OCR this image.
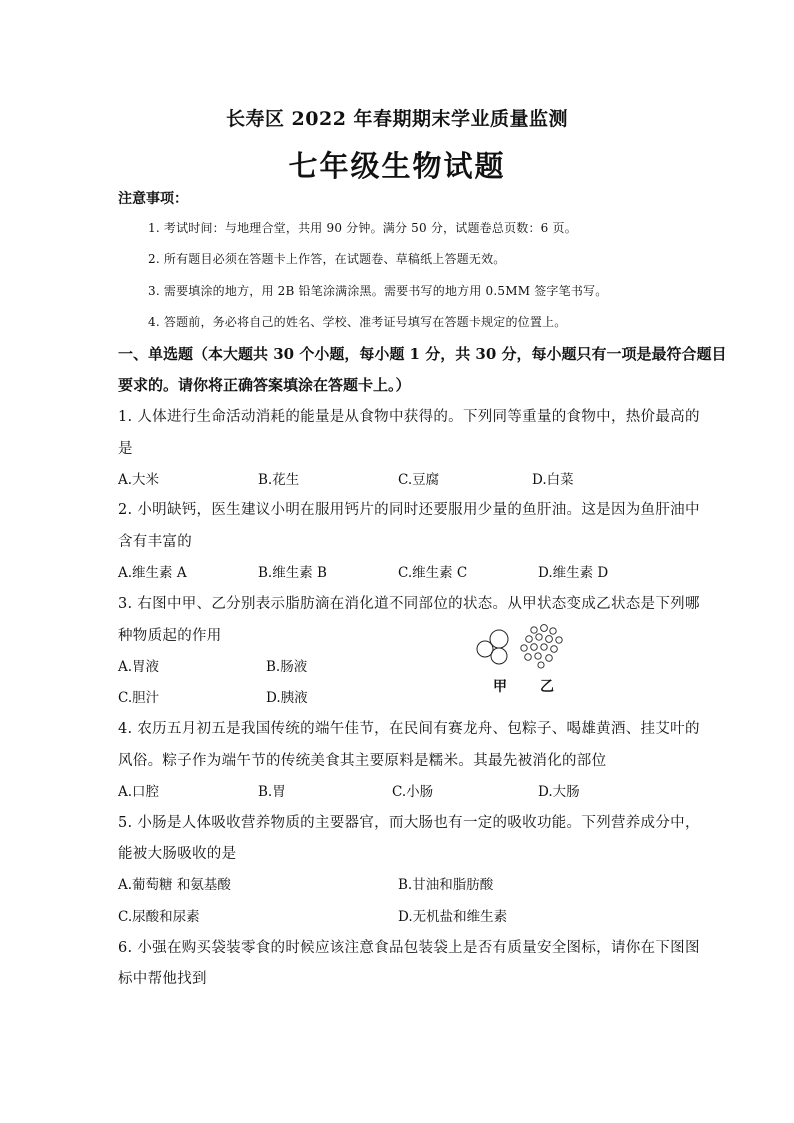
长寿区 2022 年春期期末学业质量监测
七年级生物试题
注意事项：
1. 考试时间：与地理合堂，共用 90 分钟。满分 50 分，试题卷总页数：6 页。
2. 所有题目必须在答题卡上作答，在试题卷、草稿纸上答题无效。
3. 需要填涂的地方，用 2B 铅笔涂满涂黑。需要书写的地方用 0.5MM 签字笔书写。
4. 答题前，务必将自己的姓名、学校、准考证号填写在答题卡规定的位置上。
一、单选题（本大题共 30 个小题，每小题 1 分，共 30 分，每小题只有一项是最符合题目
要求的。请你将正确答案填涂在答题卡上。）
1. 人体进行生命活动消耗的能量是从食物中获得的。下列同等重量的食物中，热价最高的
是
A.大米	B.花生	C.豆腐	D.白菜
2. 小明缺钙，医生建议小明在服用钙片的同时还要服用少量的鱼肝油。这是因为鱼肝油中
含有丰富的
A.维生素 A	B.维生素 B	C.维生素 C	D.维生素 D
3. 右图中甲、乙分别表示脂肪滴在消化道不同部位的状态。从甲状态变成乙状态是下列哪
种物质起的作用
A.胃液	B.肠液
C.胆汁	D.胰液
甲 乙
4. 农历五月初五是我国传统的端午佳节，在民间有赛龙舟、包粽子、喝雄黄酒、挂艾叶的
风俗。粽子作为端午节的传统美食其主要原料是糯米。其最先被消化的部位
A.口腔	B.胃	C.小肠	D.大肠
5. 小肠是人体吸收营养物质的主要器官，而大肠也有一定的吸收功能。下列营养成分中，
能被大肠吸收的是
A.葡萄糖 和氨基酸	B.甘油和脂肪酸
C.尿酸和尿素	D.无机盐和维生素
6. 小强在购买袋装零食的时候应该注意食品包装袋上是否有质量安全图标，请你在下图图
标中帮他找到
